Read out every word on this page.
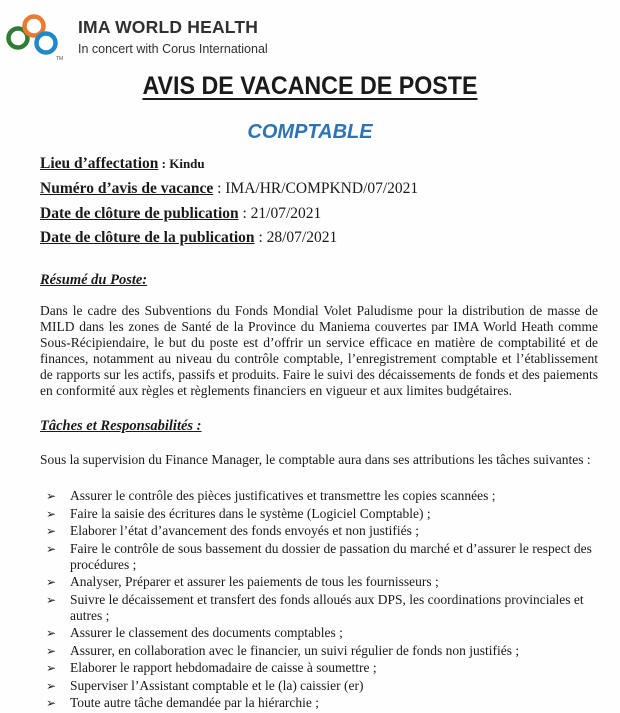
TM
IMA WORLD HEALTH
In concert with Corus International
AVIS DE VACANCE DE POSTE
COMPTABLE
Lieu d’affectation : Kindu
Numéro d’avis de vacance : IMA/HR/COMPKND/07/2021
Date de clôture de publication : 21/07/2021
Date de clôture de la publication : 28/07/2021
Résumé du Poste:

Dans le cadre des Subventions du Fonds Mondial Volet Paludisme pour la distribution de masse de MILD dans les zones de Santé de la Province du Maniema couvertes par IMA World Heath comme Sous-Récipiendaire, le but du poste est d’offrir un service efficace en matière de comptabilité et de finances, notamment au niveau du contrôle comptable, l’enregistrement comptable et l’établissement de rapports sur les actifs, passifs et produits. Faire le suivi des décaissements de fonds et des paiements en conformité aux règles et règlements financiers en vigueur et aux limites budgétaires.

Tâches et Responsabilités :
Sous la supervision du Finance Manager, le comptable aura dans ses attributions les tâches suivantes :
➢ Assurer le contrôle des pièces justificatives et transmettre les copies scannées ;
➢ Faire la saisie des écritures dans le système (Logiciel Comptable) ;
➢ Elaborer l’état d’avancement des fonds envoyés et non justifiés ;
➢ Faire le contrôle de sous bassement du dossier de passation du marché et d’assurer le respect des procédures ;
➢ Analyser, Préparer et assurer les paiements de tous les fournisseurs ;
➢ Suivre le décaissement et transfert des fonds alloués aux DPS, les coordinations provinciales et autres ;
➢ Assurer le classement des documents comptables ;
➢ Assurer, en collaboration avec le financier, un suivi régulier de fonds non justifiés ;
➢ Elaborer le rapport hebdomadaire de caisse à soumettre ;
➢ Superviser l’Assistant comptable et le (la) caissier (er)
➢ Toute autre tâche demandée par la hiérarchie ;
